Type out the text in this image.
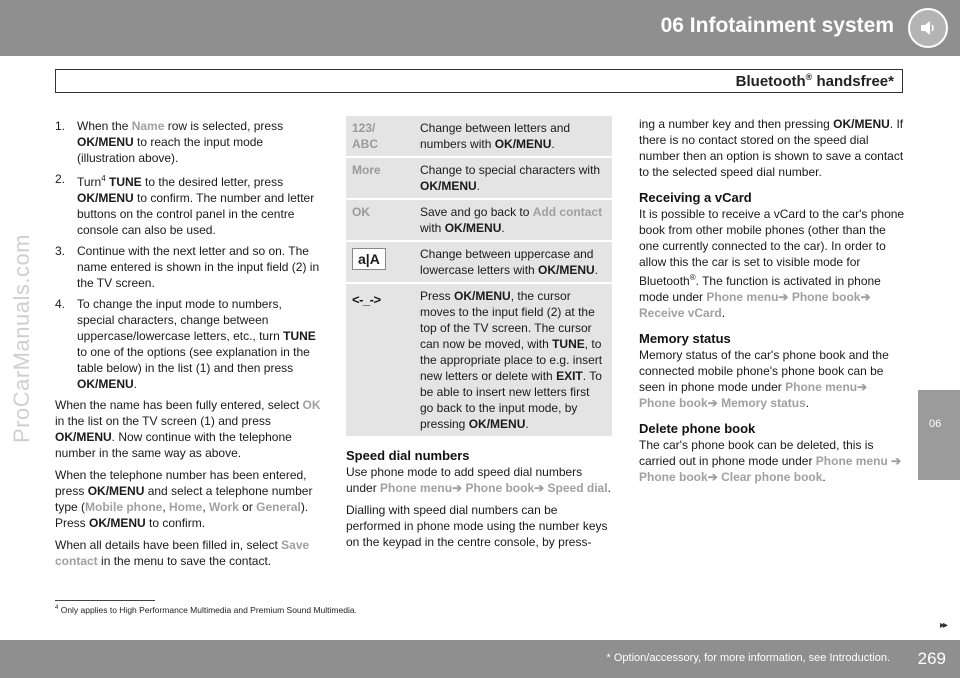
06 Infotainment system
Bluetooth® handsfree*
ProCarManuals.com	06
1. When the Name row is selected, press OK/MENU to reach the input mode (illustration above).
2. Turn$^4$ TUNE to the desired letter, press OK/MENU to confirm. The number and letter buttons on the control panel in the centre console can also be used.
3. Continue with the next letter and so on. The name entered is shown in the input field (2) in the TV screen.
4. To change the input mode to numbers, special characters, change between uppercase/lowercase letters, etc., turn TUNE to one of the options (see explanation in the table below) in the list (1) and then press OK/MENU.

When the name has been fully entered, select OK in the list on the TV screen (1) and press OK/MENU. Now continue with the telephone number in the same way as above.

When the telephone number has been entered, press OK/MENU and select a telephone number type (Mobile phone, Home, Work or General). Press OK/MENU to confirm.

When all details have been filled in, select Save contact in the menu to save the contact.

123/
ABC	Change between letters and numbers with OK/MENU.
More	Change to special characters with OK/MENU.
OK	Save and go back to Add contact with OK/MENU.
a|A	Change between uppercase and lowercase letters with OK/MENU.
<-_->	Press OK/MENU, the cursor moves to the input field (2) at the top of the TV screen. The cursor can now be moved, with TUNE, to the appropriate place to e.g. insert new letters or delete with EXIT. To be able to insert new letters first go back to the input mode, by pressing OK/MENU.
Speed dial numbers

Use phone mode to add speed dial numbers under Phone menu➔ Phone book➔ Speed dial.

Dialling with speed dial numbers can be performed in phone mode using the number keys on the keypad in the centre console, by press-

ing a number key and then pressing OK/MENU. If there is no contact stored on the speed dial number then an option is shown to save a contact to the selected speed dial number.

Receiving a vCard

It is possible to receive a vCard to the car's phone book from other mobile phones (other than the one currently connected to the car). In order to allow this the car is set to visible mode for Bluetooth®. The function is activated in phone mode under Phone menu➔ Phone book➔ Receive vCard.

Memory status

Memory status of the car's phone book and the connected mobile phone's phone book can be seen in phone mode under Phone menu➔ Phone book➔ Memory status.

Delete phone book

The car's phone book can be deleted, this is carried out in phone mode under Phone menu ➔ Phone book➔ Clear phone book.

$^4$ Only applies to High Performance Multimedia and Premium Sound Multimedia.
▸▸
* Option/accessory, for more information, see Introduction. 269
